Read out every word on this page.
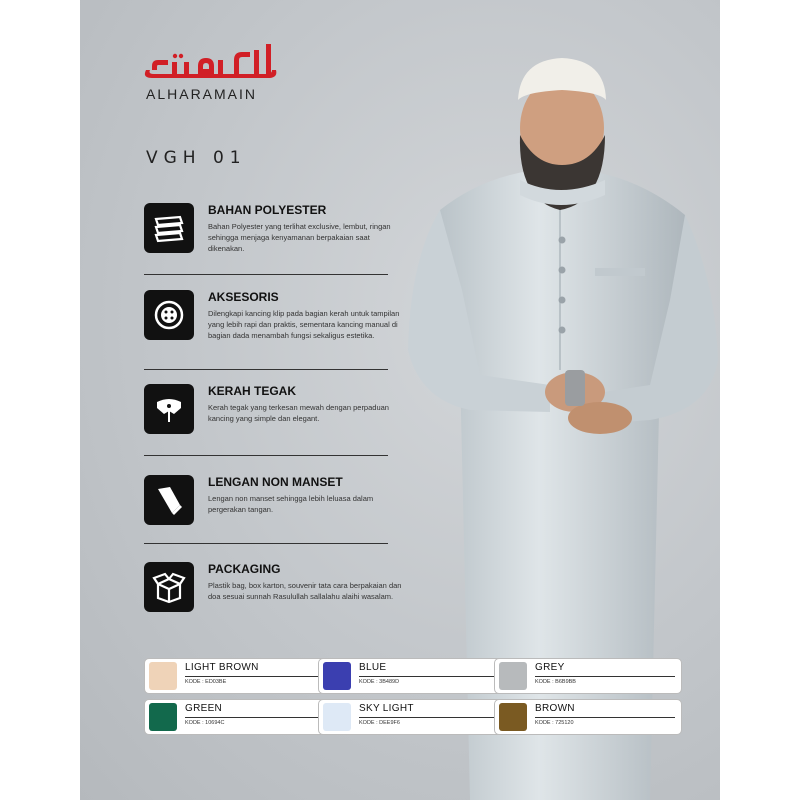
ALHARAMAIN
VGH 01
BAHAN POLYESTER
Bahan Polyester yang terlihat exclusive, lembut, ringan sehingga menjaga kenyamanan berpakaian saat dikenakan.
AKSESORIS
Dilengkapi kancing klip pada bagian kerah untuk tampilan yang lebih rapi dan praktis, sementara kancing manual di bagian dada menambah fungsi sekaligus estetika.
KERAH TEGAK
Kerah tegak yang terkesan mewah dengan perpaduan kancing yang simple dan elegant.
LENGAN NON MANSET
Lengan non manset sehingga lebih leluasa dalam pergerakan tangan.
PACKAGING
Plastik bag, box karton, souvenir tata cara berpakaian dan doa sesuai sunnah Rasulullah sallalahu alaihi wasalam.
LIGHT BROWN
KODE : ED03BE
BLUE
KODE : 3B489D
GREY
KODE : B6B9BB
GREEN
KODE : 10694C
SKY LIGHT
KODE : DEE9F6
BROWN
KODE : 725120
